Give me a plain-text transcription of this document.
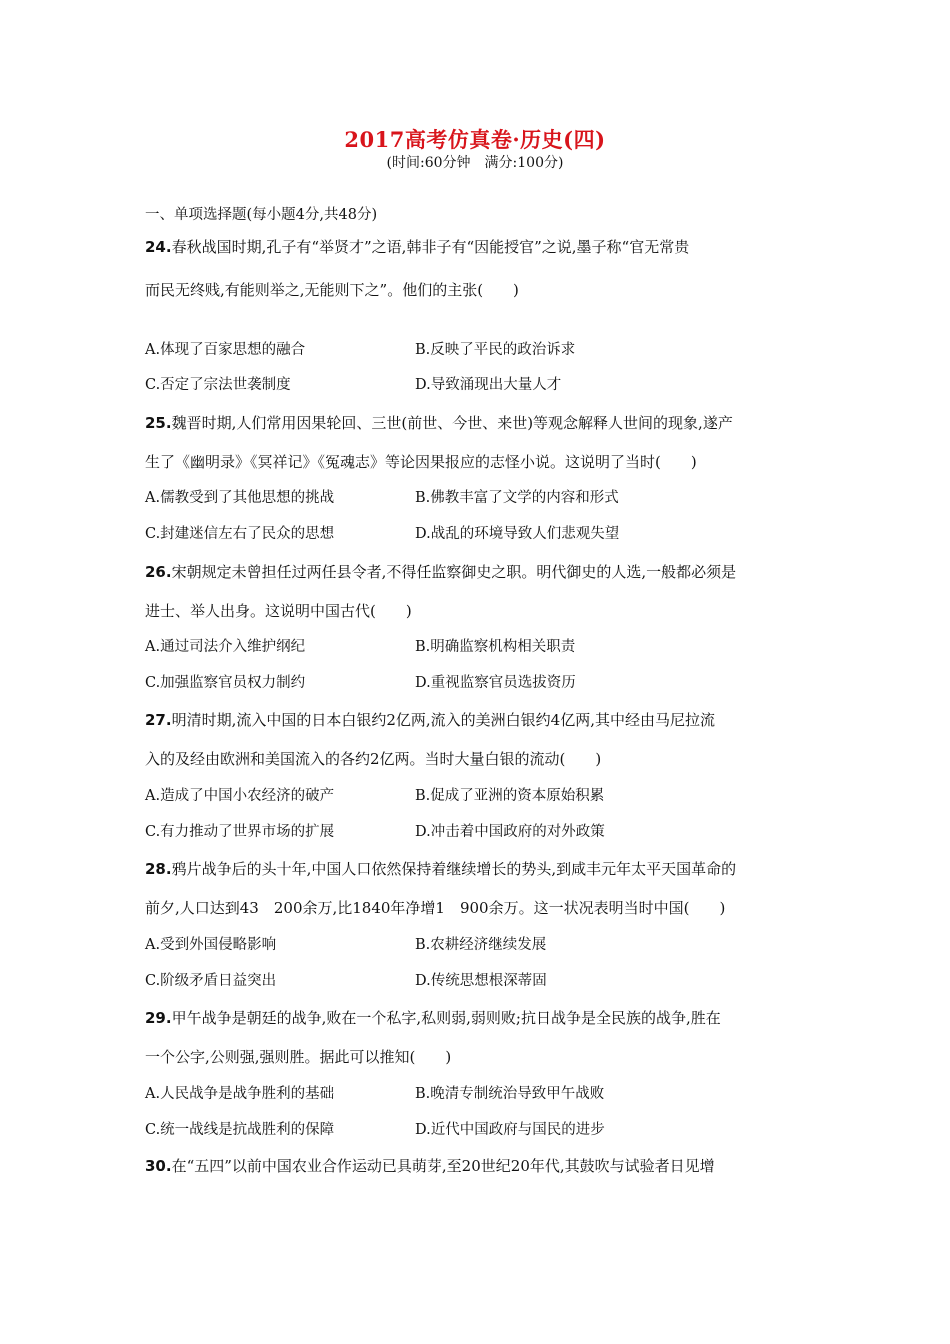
2017高考仿真卷·历史(四)
(时间:60分钟　满分:100分)
一、单项选择题(每小题4分,共48分)
24.春秋战国时期,孔子有“举贤才”之语,韩非子有“因能授官”之说,墨子称“官无常贵
而民无终贱,有能则举之,无能则下之”。他们的主张(　　)
A.体现了百家思想的融合	B.反映了平民的政治诉求
C.否定了宗法世袭制度	D.导致涌现出大量人才
25.魏晋时期,人们常用因果轮回、三世(前世、今世、来世)等观念解释人世间的现象,遂产
生了《幽明录》《冥祥记》《冤魂志》等论因果报应的志怪小说。这说明了当时(　　)
A.儒教受到了其他思想的挑战	B.佛教丰富了文学的内容和形式
C.封建迷信左右了民众的思想	D.战乱的环境导致人们悲观失望
26.宋朝规定未曾担任过两任县令者,不得任监察御史之职。明代御史的人选,一般都必须是
进士、举人出身。这说明中国古代(　　)
A.通过司法介入维护纲纪	B.明确监察机构相关职责
C.加强监察官员权力制约	D.重视监察官员选拔资历
27.明清时期,流入中国的日本白银约2亿两,流入的美洲白银约4亿两,其中经由马尼拉流
入的及经由欧洲和美国流入的各约2亿两。当时大量白银的流动(　　)
A.造成了中国小农经济的破产	B.促成了亚洲的资本原始积累
C.有力推动了世界市场的扩展	D.冲击着中国政府的对外政策
28.鸦片战争后的头十年,中国人口依然保持着继续增长的势头,到咸丰元年太平天国革命的
前夕,人口达到43　200余万,比1840年净增1　900余万。这一状况表明当时中国(　　)
A.受到外国侵略影响	B.农耕经济继续发展
C.阶级矛盾日益突出	D.传统思想根深蒂固
29.甲午战争是朝廷的战争,败在一个私字,私则弱,弱则败;抗日战争是全民族的战争,胜在
一个公字,公则强,强则胜。据此可以推知(　　)
A.人民战争是战争胜利的基础	B.晚清专制统治导致甲午战败
C.统一战线是抗战胜利的保障	D.近代中国政府与国民的进步
30.在“五四”以前中国农业合作运动已具萌芽,至20世纪20年代,其鼓吹与试验者日见增
